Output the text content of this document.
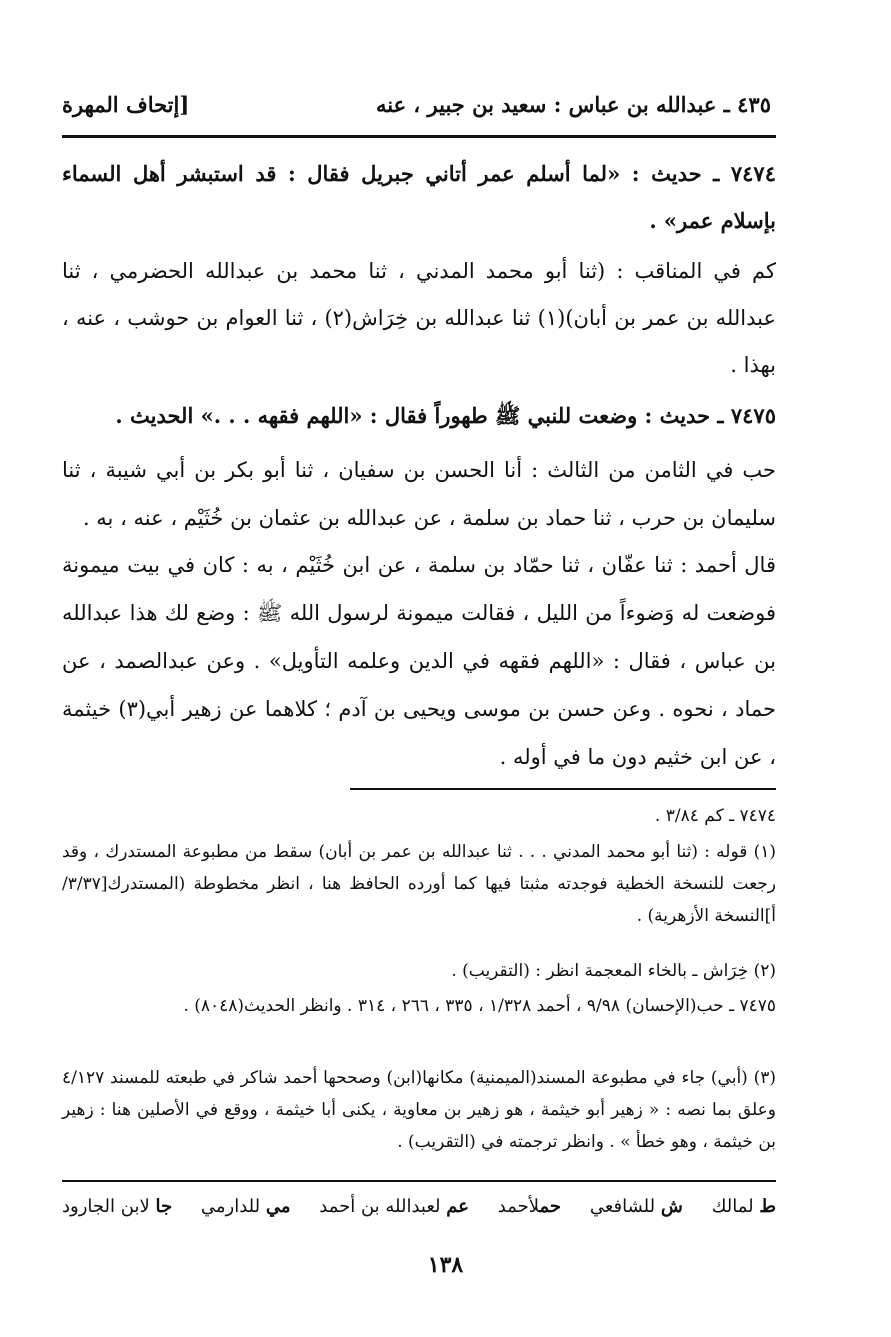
٤٣٥ ـ عبدالله بن عباس : سعيد بن جبير ، عنه
[إتحاف المهرة
٧٤٧٤ ـ حديث : «لما أسلم عمر أتاني جبريل فقال : قد استبشر أهل السماء بإسلام عمر» .
كم في المناقب : (ثنا أبو محمد المدني ، ثنا محمد بن عبدالله الحضرمي ، ثنا عبدالله بن عمر بن أبان)(١) ثنا عبدالله بن خِرَاش(٢) ، ثنا العوام بن حوشب ، عنه ، بهذا .
٧٤٧٥ ـ حديث : وضعت للنبي ﷺ طهوراً فقال : «اللهم فقهه . . .» الحديث .
حب في الثامن من الثالث : أنا الحسن بن سفيان ، ثنا أبو بكر بن أبي شيبة ، ثنا سليمان بن حرب ، ثنا حماد بن سلمة ، عن عبدالله بن عثمان بن خُثَيْم ، عنه ، به .
قال أحمد : ثنا عفّان ، ثنا حمّاد بن سلمة ، عن ابن خُثَيْم ، به : كان في بيت ميمونة فوضعت له وَضوءاً من الليل ، فقالت ميمونة لرسول الله ﷺ : وضع لك هذا عبدالله بن عباس ، فقال : «اللهم فقهه في الدين وعلمه التأويل» . وعن عبدالصمد ، عن حماد ، نحوه . وعن حسن بن موسى ويحيى بن آدم ؛ كلاهما عن زهير أبي(٣) خيثمة ، عن ابن خثيم دون ما في أوله .
٧٤٧٤ ـ كم ٣/٨٤ .
(١) قوله : (ثنا أبو محمد المدني . . . ثنا عبدالله بن عمر بن أبان) سقط من مطبوعة المستدرك ، وقد رجعت للنسخة الخطية فوجدته مثبتا فيها كما أورده الحافظ هنا ، انظر مخطوطة (المستدرك[٣/٣٧/أ]النسخة الأزهرية) .
(٢) خِرَاش ـ بالخاء المعجمة انظر : (التقريب) .
٧٤٧٥ ـ حب(الإحسان) ٩/٩٨ ، أحمد ١/٣٢٨ ، ٣٣٥ ، ٢٦٦ ، ٣١٤ . وانظر الحديث(٨٠٤٨) .
(٣) (أبي) جاء في مطبوعة المسند(الميمنية) مكانها(ابن) وصححها أحمد شاكر في طبعته للمسند ٤/١٢٧ وعلق بما نصه : « زهير أبو خيثمة ، هو زهير بن معاوية ، يكنى أبا خيثمة ، ووقع في الأصلين هنا : زهير بن خيثمة ، وهو خطأ » . وانظر ترجمته في (التقريب) .
ط لمالك
ش للشافعي
حملأحمد
عم لعبدالله بن أحمد
مي للدارمي
جا لابن الجارود
١٣٨
